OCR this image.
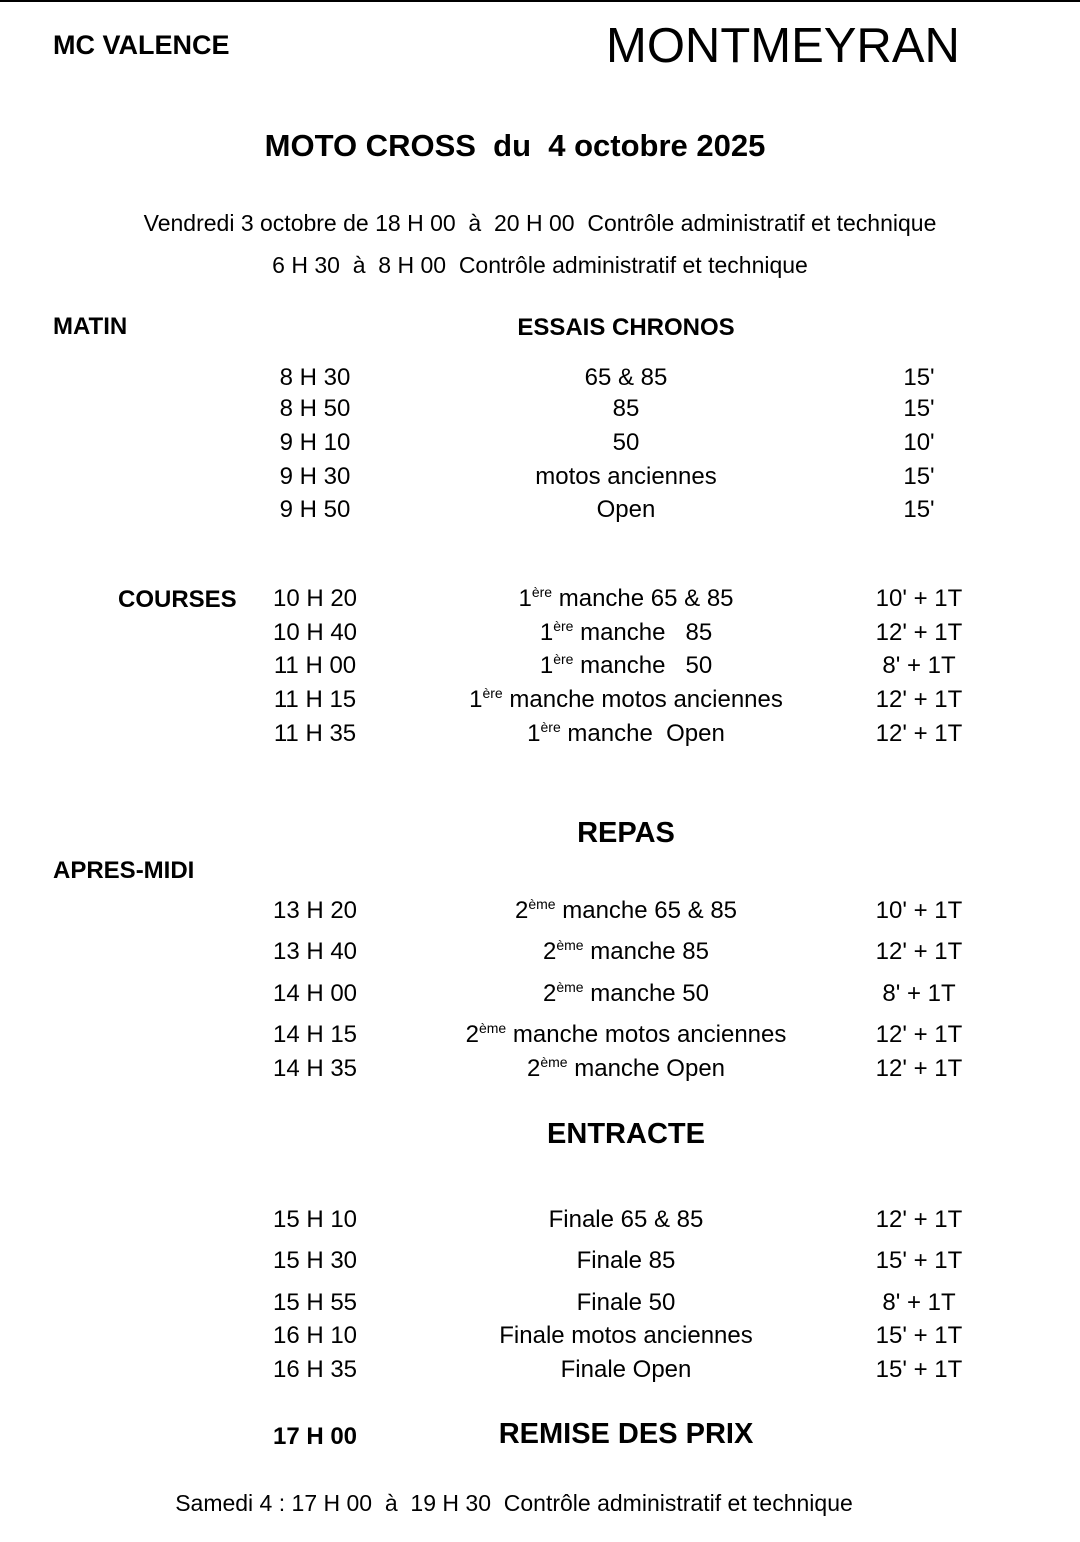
MC VALENCE	MONTMEYRAN
MOTO CROSS  du  4 octobre 2025
Vendredi 3 octobre de 18 H 00  à  20 H 00  Contrôle administratif et technique
6 H 30  à  8 H 00  Contrôle administratif et technique
MATIN	ESSAIS CHRONOS
8 H 30	65 & 85	15'
8 H 50	85	15'
9 H 10	50	10'
9 H 30	motos anciennes	15'
9 H 50	Open	15'
COURSES 10 H 20	1ère manche 65 & 85	10' + 1T
10 H 40	1ère manche   85	12' + 1T
11 H 00	1ère manche   50	8' + 1T
11 H 15	1ère manche motos anciennes	12' + 1T
11 H 35	1ère manche  Open	12' + 1T
REPAS
APRES-MIDI
13 H 20	2ème manche 65 & 85	10' + 1T
13 H 40	2ème manche 85	12' + 1T
14 H 00	2ème manche 50	8' + 1T
14 H 15	2ème manche motos anciennes	12' + 1T
14 H 35	2ème manche Open	12' + 1T
ENTRACTE
15 H 10	Finale 65 & 85	12' + 1T
15 H 30	Finale 85	15' + 1T
15 H 55	Finale 50	8' + 1T
16 H 10	Finale motos anciennes	15' + 1T
16 H 35	Finale Open	15' + 1T
17 H 00	REMISE DES PRIX
Samedi 4 : 17 H 00  à  19 H 30  Contrôle administratif et technique
